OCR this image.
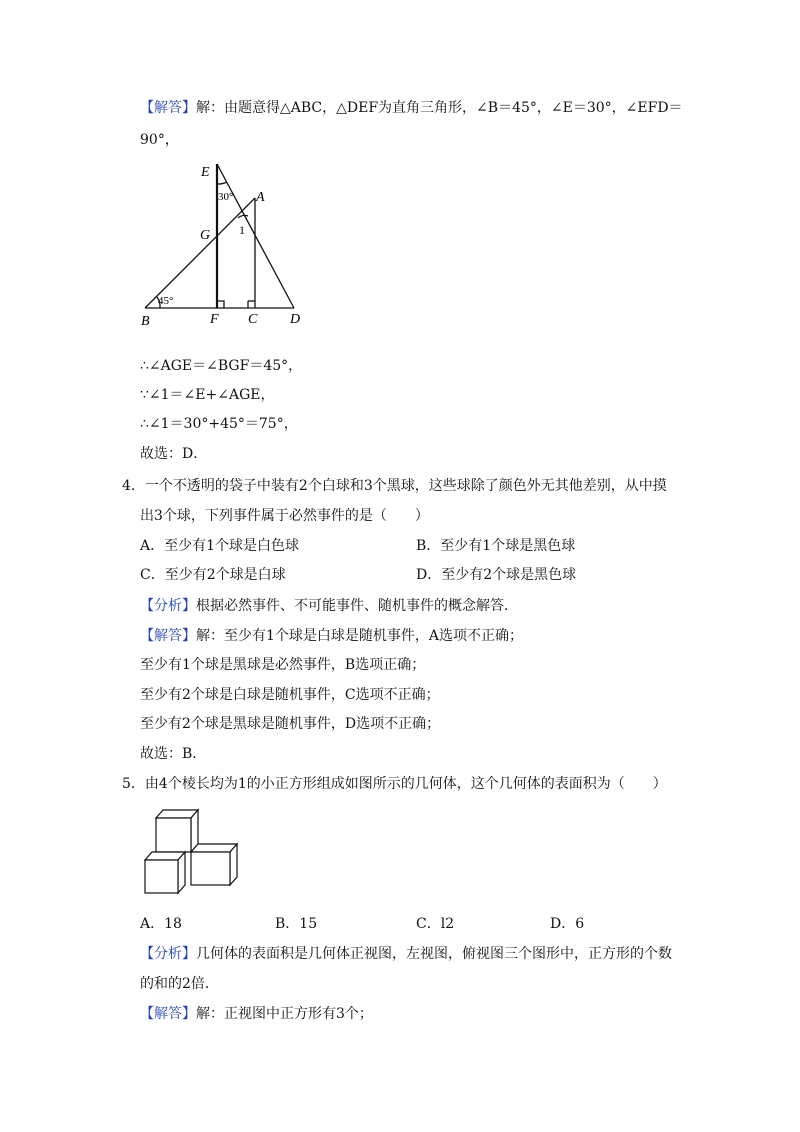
【解答】解：由题意得△ABC，△DEF为直角三角形，∠B＝45°，∠E＝30°，∠EFD＝
90°，
E
A
G 1
30°
45°
B	F C D
∴∠AGE＝∠BGF＝45°，
∵∠1＝∠E+∠AGE，
∴∠1＝30°+45°＝75°，
故选：D．
4．一个不透明的袋子中装有2个白球和3个黑球，这些球除了颜色外无其他差别，从中摸
出3个球，下列事件属于必然事件的是（　　）
A．至少有1个球是白色球	B．至少有1个球是黑色球
C．至少有2个球是白球	D．至少有2个球是黑色球
【分析】根据必然事件、不可能事件、随机事件的概念解答．
【解答】解：至少有1个球是白球是随机事件，A选项不正确；
至少有1个球是黑球是必然事件，B选项正确；
至少有2个球是白球是随机事件，C选项不正确；
至少有2个球是黑球是随机事件，D选项不正确；
故选：B．
5．由4个棱长均为1的小正方形组成如图所示的几何体，这个几何体的表面积为（　　）
A．18	B．15	C．l2	D．6
【分析】几何体的表面积是几何体正视图，左视图，俯视图三个图形中，正方形的个数
的和的2倍．
【解答】解：正视图中正方形有3个；
